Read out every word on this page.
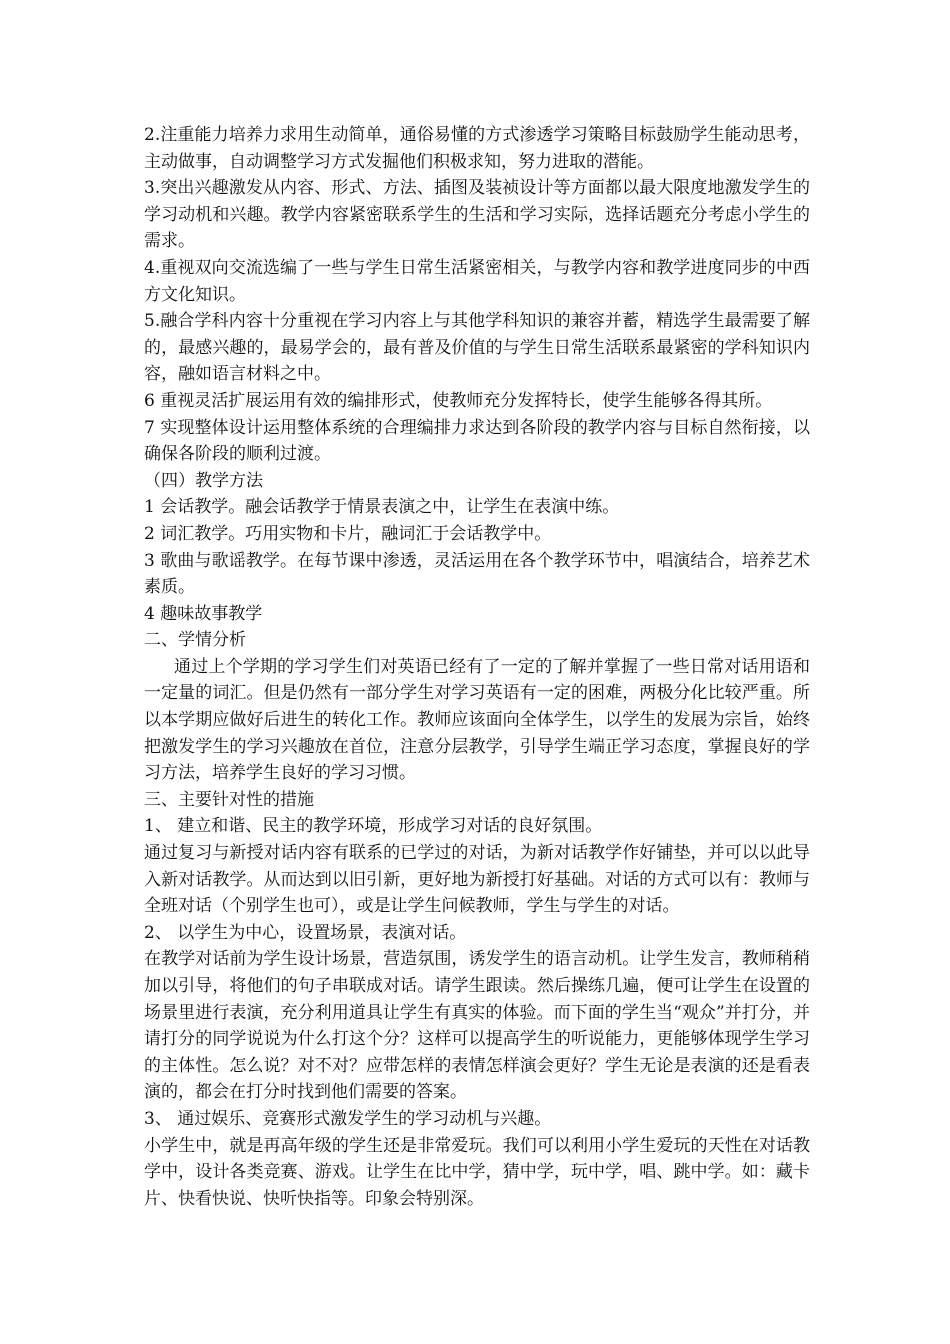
2.注重能力培养力求用生动简单，通俗易懂的方式渗透学习策略目标鼓励学生能动思考，主动做事，自动调整学习方式发掘他们积极求知，努力进取的潜能。

3.突出兴趣激发从内容、形式、方法、插图及装祯设计等方面都以最大限度地激发学生的学习动机和兴趣。教学内容紧密联系学生的生活和学习实际，选择话题充分考虑小学生的需求。

4.重视双向交流选编了一些与学生日常生活紧密相关，与教学内容和教学进度同步的中西方文化知识。

5.融合学科内容十分重视在学习内容上与其他学科知识的兼容并蓄，精选学生最需要了解的，最感兴趣的，最易学会的，最有普及价值的与学生日常生活联系最紧密的学科知识内容，融如语言材料之中。

6 重视灵活扩展运用有效的编排形式，使教师充分发挥特长，使学生能够各得其所。

7 实现整体设计运用整体系统的合理编排力求达到各阶段的教学内容与目标自然衔接，以确保各阶段的顺利过渡。

（四）教学方法

1 会话教学。融会话教学于情景表演之中，让学生在表演中练。

2 词汇教学。巧用实物和卡片，融词汇于会话教学中。

3 歌曲与歌谣教学。在每节课中渗透，灵活运用在各个教学环节中，唱演结合，培养艺术素质。

4 趣味故事教学

二、学情分析

通过上个学期的学习学生们对英语已经有了一定的了解并掌握了一些日常对话用语和一定量的词汇。但是仍然有一部分学生对学习英语有一定的困难，两极分化比较严重。所以本学期应做好后进生的转化工作。教师应该面向全体学生，以学生的发展为宗旨，始终把激发学生的学习兴趣放在首位，注意分层教学，引导学生端正学习态度，掌握良好的学习方法，培养学生良好的学习习惯。

三、主要针对性的措施

1、 建立和谐、民主的教学环境，形成学习对话的良好氛围。

通过复习与新授对话内容有联系的已学过的对话，为新对话教学作好铺垫，并可以以此导入新对话教学。从而达到以旧引新，更好地为新授打好基础。对话的方式可以有：教师与全班对话（个别学生也可），或是让学生问候教师，学生与学生的对话。

2、 以学生为中心，设置场景，表演对话。

在教学对话前为学生设计场景，营造氛围，诱发学生的语言动机。让学生发言，教师稍稍加以引导，将他们的句子串联成对话。请学生跟读。然后操练几遍，便可让学生在设置的场景里进行表演，充分利用道具让学生有真实的体验。而下面的学生当“观众”并打分，并请打分的同学说说为什么打这个分？这样可以提高学生的听说能力，更能够体现学生学习的主体性。怎么说？对不对？应带怎样的表情怎样演会更好？学生无论是表演的还是看表演的，都会在打分时找到他们需要的答案。

3、 通过娱乐、竞赛形式激发学生的学习动机与兴趣。

小学生中，就是再高年级的学生还是非常爱玩。我们可以利用小学生爱玩的天性在对话教学中，设计各类竞赛、游戏。让学生在比中学，猜中学，玩中学，唱、跳中学。如：藏卡片、快看快说、快听快指等。印象会特别深。
